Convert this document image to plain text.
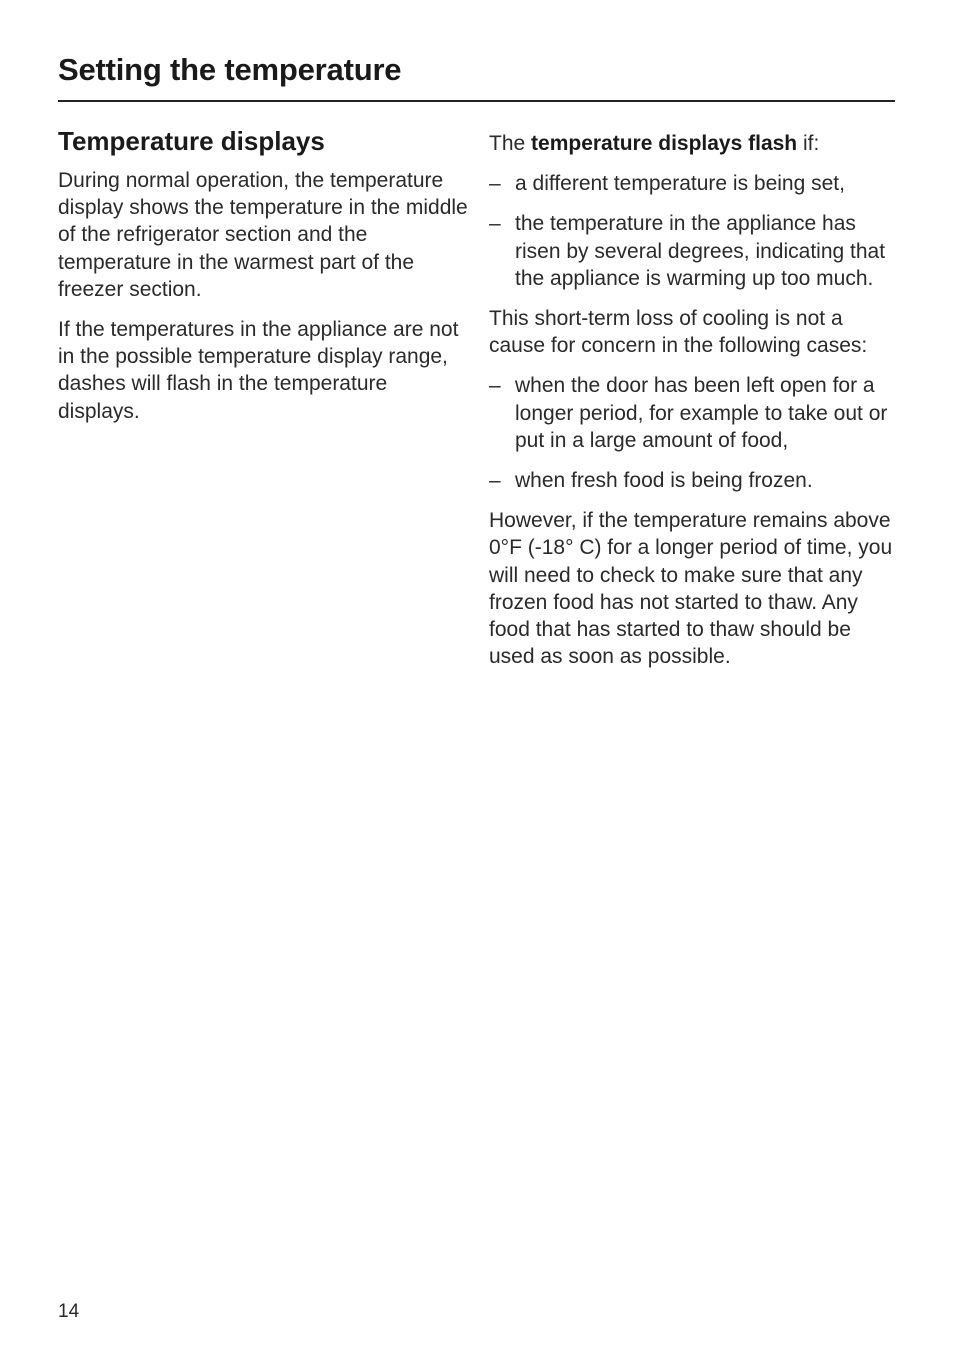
Setting the temperature
Temperature displays

During normal operation, the temperature display shows the temperature in the middle of the refrigerator section and the temperature in the warmest part of the freezer section.

If the temperatures in the appliance are not in the possible temperature display range, dashes will flash in the temperature displays.

The temperature displays flash if:

– a different temperature is being set,
– the temperature in the appliance has risen by several degrees, indicating that the appliance is warming up too much.

This short-term loss of cooling is not a cause for concern in the following cases:

– when the door has been left open for a longer period, for example to take out or put in a large amount of food,
– when fresh food is being frozen.

However, if the temperature remains above 0°F (-18° C) for a longer period of time, you will need to check to make sure that any frozen food has not started to thaw. Any food that has started to thaw should be used as soon as possible.

14
